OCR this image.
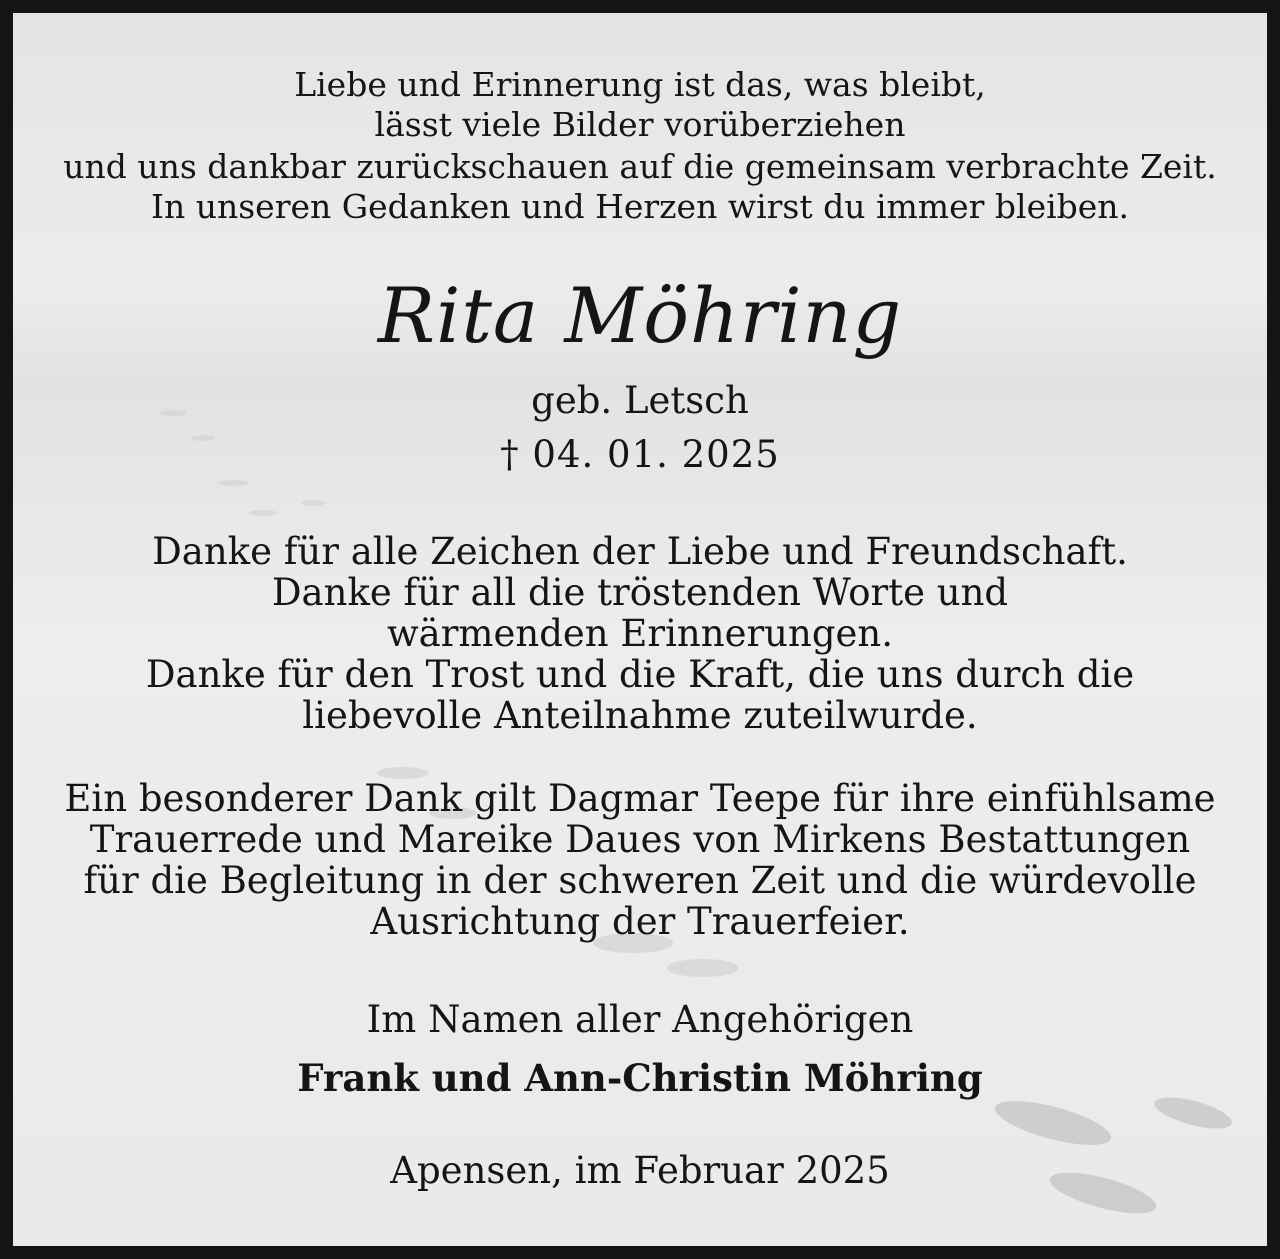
Liebe und Erinnerung ist das, was bleibt,
lässt viele Bilder vorüberziehen
und uns dankbar zurückschauen auf die gemeinsam verbrachte Zeit.
In unseren Gedanken und Herzen wirst du immer bleiben.
Rita Möhring
geb. Letsch
† 04. 01. 2025
Danke für alle Zeichen der Liebe und Freundschaft.
Danke für all die tröstenden Worte und
wärmenden Erinnerungen.
Danke für den Trost und die Kraft, die uns durch die
liebevolle Anteilnahme zuteilwurde.
Ein besonderer Dank gilt Dagmar Teepe für ihre einfühlsame
Trauerrede und Mareike Daues von Mirkens Bestattungen
für die Begleitung in der schweren Zeit und die würdevolle
Ausrichtung der Trauerfeier.
Im Namen aller Angehörigen
Frank und Ann-Christin Möhring
Apensen, im Februar 2025
